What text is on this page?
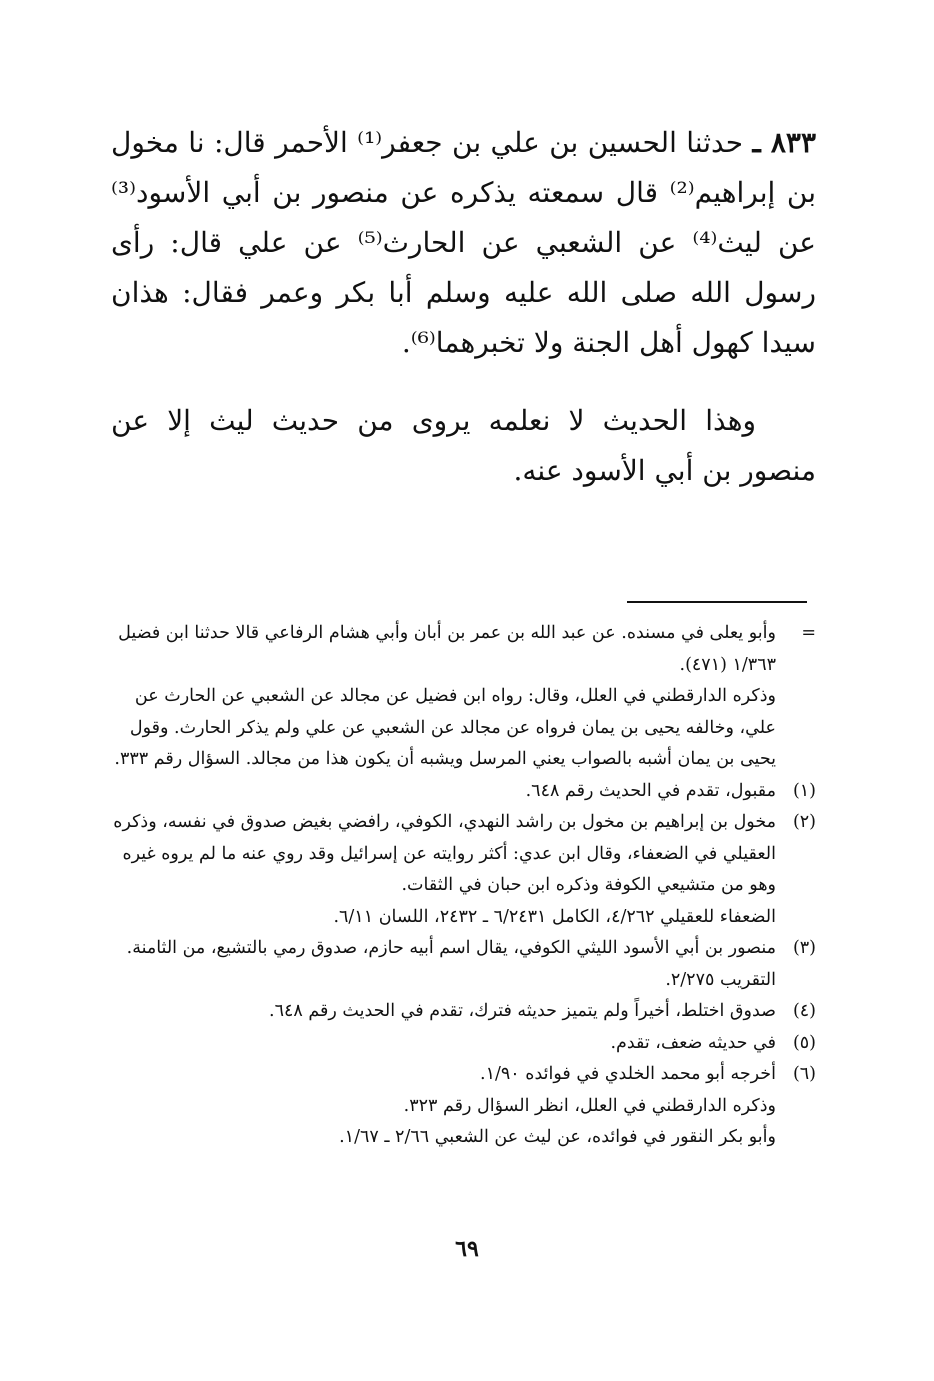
٨٣٣ ـ حدثنا الحسين بن علي بن جعفر⁽¹⁾ الأحمر قال: نا مخول بن إبراهيم⁽²⁾ قال سمعته يذكره عن منصور بن أبي الأسود⁽³⁾ عن ليث⁽⁴⁾ عن الشعبي عن الحارث⁽⁵⁾ عن علي قال: رأى رسول الله صلى الله عليه وسلم أبا بكر وعمر فقال: هذان سيدا كهول أهل الجنة ولا تخبرهما⁽⁶⁾.

وهذا الحديث لا نعلمه يروى من حديث ليث إلا عن منصور بن أبي الأسود عنه.

=
وأبو يعلى في مسنده. عن عبد الله بن عمر بن أبان وأبي هشام الرفاعي قالا حدثنا ابن فضيل ١/٣٦٣ (٤٧١).
وذكره الدارقطني في العلل، وقال: رواه ابن فضيل عن مجالد عن الشعبي عن الحارث عن علي، وخالفه يحيى بن يمان فرواه عن مجالد عن الشعبي عن علي ولم يذكر الحارث. وقول يحيى بن يمان أشبه بالصواب يعني المرسل ويشبه أن يكون هذا من مجالد. السؤال رقم ٣٣٣.
(١)
مقبول، تقدم في الحديث رقم ٦٤٨.
(٢)
مخول بن إبراهيم بن مخول بن راشد النهدي، الكوفي، رافضي بغيض صدوق في نفسه، وذكره العقيلي في الضعفاء، وقال ابن عدي: أكثر روايته عن إسرائيل وقد روي عنه ما لم يروه غيره وهو من متشيعي الكوفة وذكره ابن حبان في الثقات.
الضعفاء للعقيلي ٤/٢٦٢، الكامل ٦/٢٤٣١ ـ ٢٤٣٢، اللسان ٦/١١.
(٣)
منصور بن أبي الأسود الليثي الكوفي، يقال اسم أبيه حازم، صدوق رمي بالتشيع، من الثامنة. التقريب ٢/٢٧٥.
(٤)
صدوق اختلط، أخيراً ولم يتميز حديثه فترك، تقدم في الحديث رقم ٦٤٨.
(٥)
في حديثه ضعف، تقدم.
(٦)
أخرجه أبو محمد الخلدي في فوائده ١/٩٠.
وذكره الدارقطني في العلل، انظر السؤال رقم ٣٢٣.
وأبو بكر النقور في فوائده، عن ليث عن الشعبي ٢/٦٦ ـ ١/٦٧.
٦٩
